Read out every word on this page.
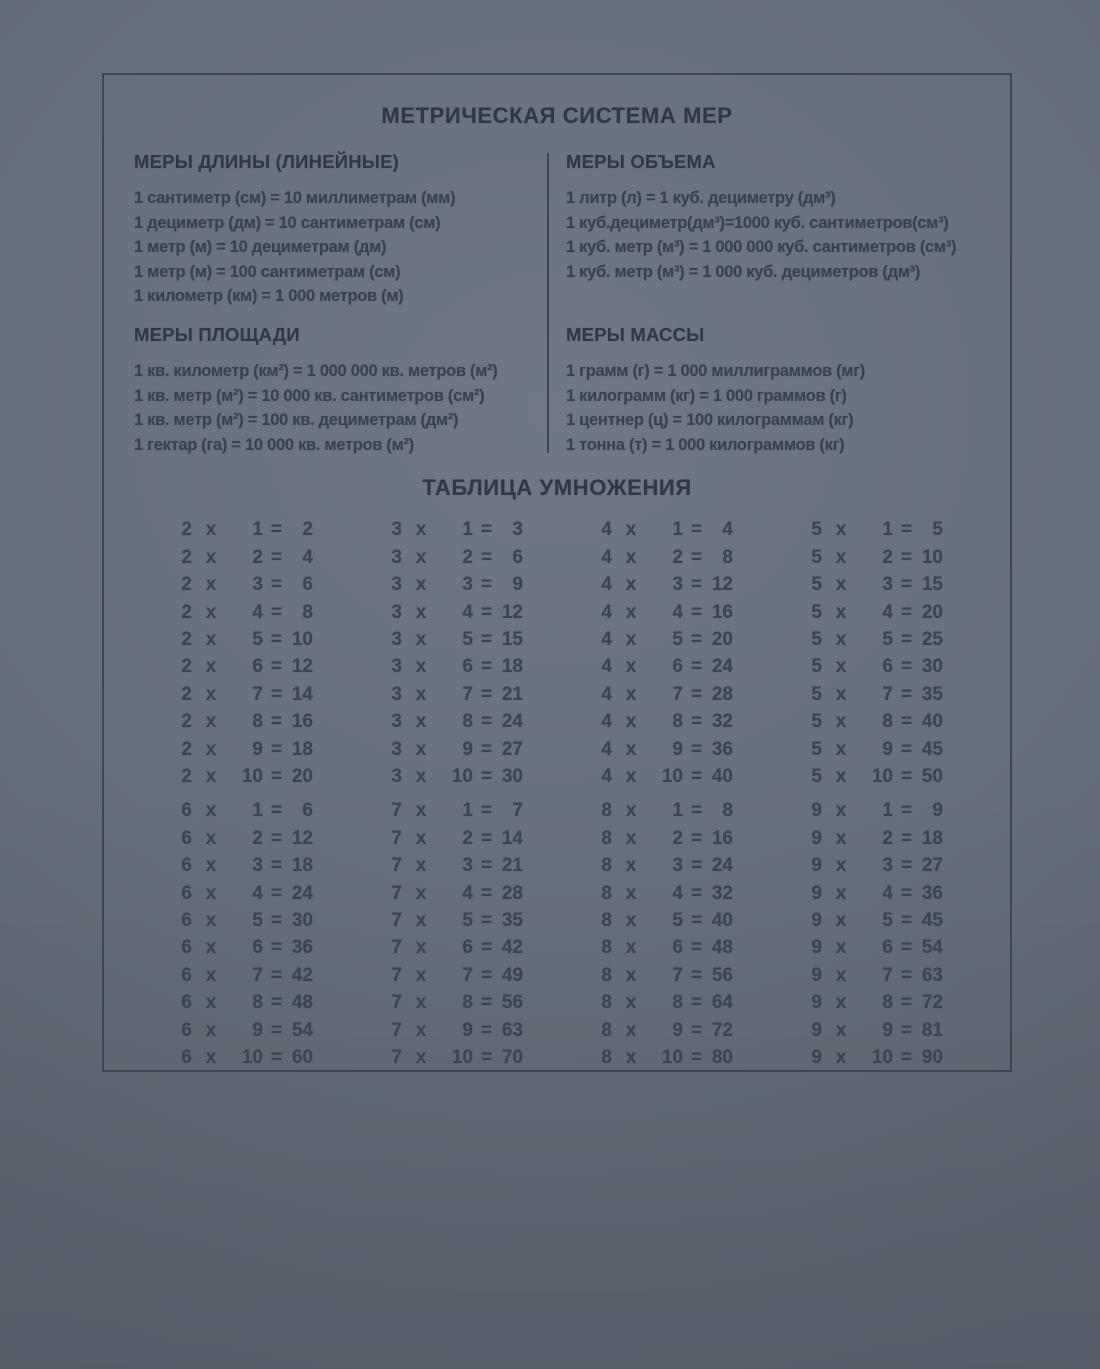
МЕТРИЧЕСКАЯ СИСТЕМА МЕР
МЕРЫ ДЛИНЫ (ЛИНЕЙНЫЕ)

1 сантиметр (см) = 10 миллиметрам (мм)

1 дециметр (дм) = 10 сантиметрам (см)

1 метр (м) = 10 дециметрам (дм)

1 метр (м) = 100 сантиметрам (см)

1 километр (км) = 1 000 метров (м)

МЕРЫ ОБЪЕМА

1 литр (л) = 1 куб. дециметру (дм³)

1 куб.дециметр(дм³)=1000 куб. сантиметров(см³)

1 куб. метр (м³) = 1 000 000 куб. сантиметров (см³)

1 куб. метр (м³) = 1 000 куб. дециметров (дм³)

МЕРЫ ПЛОЩАДИ

1 кв. километр (км²) = 1 000 000 кв. метров (м²)

1 кв. метр (м²) = 10 000 кв. сантиметров (см²)

1 кв. метр (м²) = 100 кв. дециметрам (дм²)

1 гектар (га) = 10 000 кв. метров (м²)

МЕРЫ МАССЫ

1 грамм (г) = 1 000 миллиграммов (мг)

1 килограмм (кг) = 1 000 граммов (г)

1 центнер (ц) = 100 килограммам (кг)

1 тонна (т) = 1 000 килограммов (кг)

ТАБЛИЦА УМНОЖЕНИЯ
2 x	1 =	2
2 x	2 =	4
2 x	3 =	6
2 x	4 =	8
2 x	5 = 10
2 x	6 = 12
2 x	7 = 14
2 x	8 = 16
2 x	9 = 18
2 x	10 = 20
3 x	1 =	3
3 x	2 =	6
3 x	3 =	9
3 x	4 = 12
3 x	5 = 15
3 x	6 = 18
3 x	7 = 21
3 x	8 = 24
3 x	9 = 27
3 x	10 = 30
4 x	1 =	4
4 x	2 =	8
4 x	3 = 12
4 x	4 = 16
4 x	5 = 20
4 x	6 = 24
4 x	7 = 28
4 x	8 = 32
4 x	9 = 36
4 x	10 = 40
5 x	1 =	5
5 x	2 = 10
5 x	3 = 15
5 x	4 = 20
5 x	5 = 25
5 x	6 = 30
5 x	7 = 35
5 x	8 = 40
5 x	9 = 45
5 x	10 = 50
6 x	1 =	6
6 x	2 = 12
6 x	3 = 18
6 x	4 = 24
6 x	5 = 30
6 x	6 = 36
6 x	7 = 42
6 x	8 = 48
6 x	9 = 54
6 x	10 = 60
7 x	1 =	7
7 x	2 = 14
7 x	3 = 21
7 x	4 = 28
7 x	5 = 35
7 x	6 = 42
7 x	7 = 49
7 x	8 = 56
7 x	9 = 63
7 x	10 = 70
8 x	1 =	8
8 x	2 = 16
8 x	3 = 24
8 x	4 = 32
8 x	5 = 40
8 x	6 = 48
8 x	7 = 56
8 x	8 = 64
8 x	9 = 72
8 x	10 = 80
9 x	1 =	9
9 x	2 = 18
9 x	3 = 27
9 x	4 = 36
9 x	5 = 45
9 x	6 = 54
9 x	7 = 63
9 x	8 = 72
9 x	9 = 81
9 x	10 = 90
